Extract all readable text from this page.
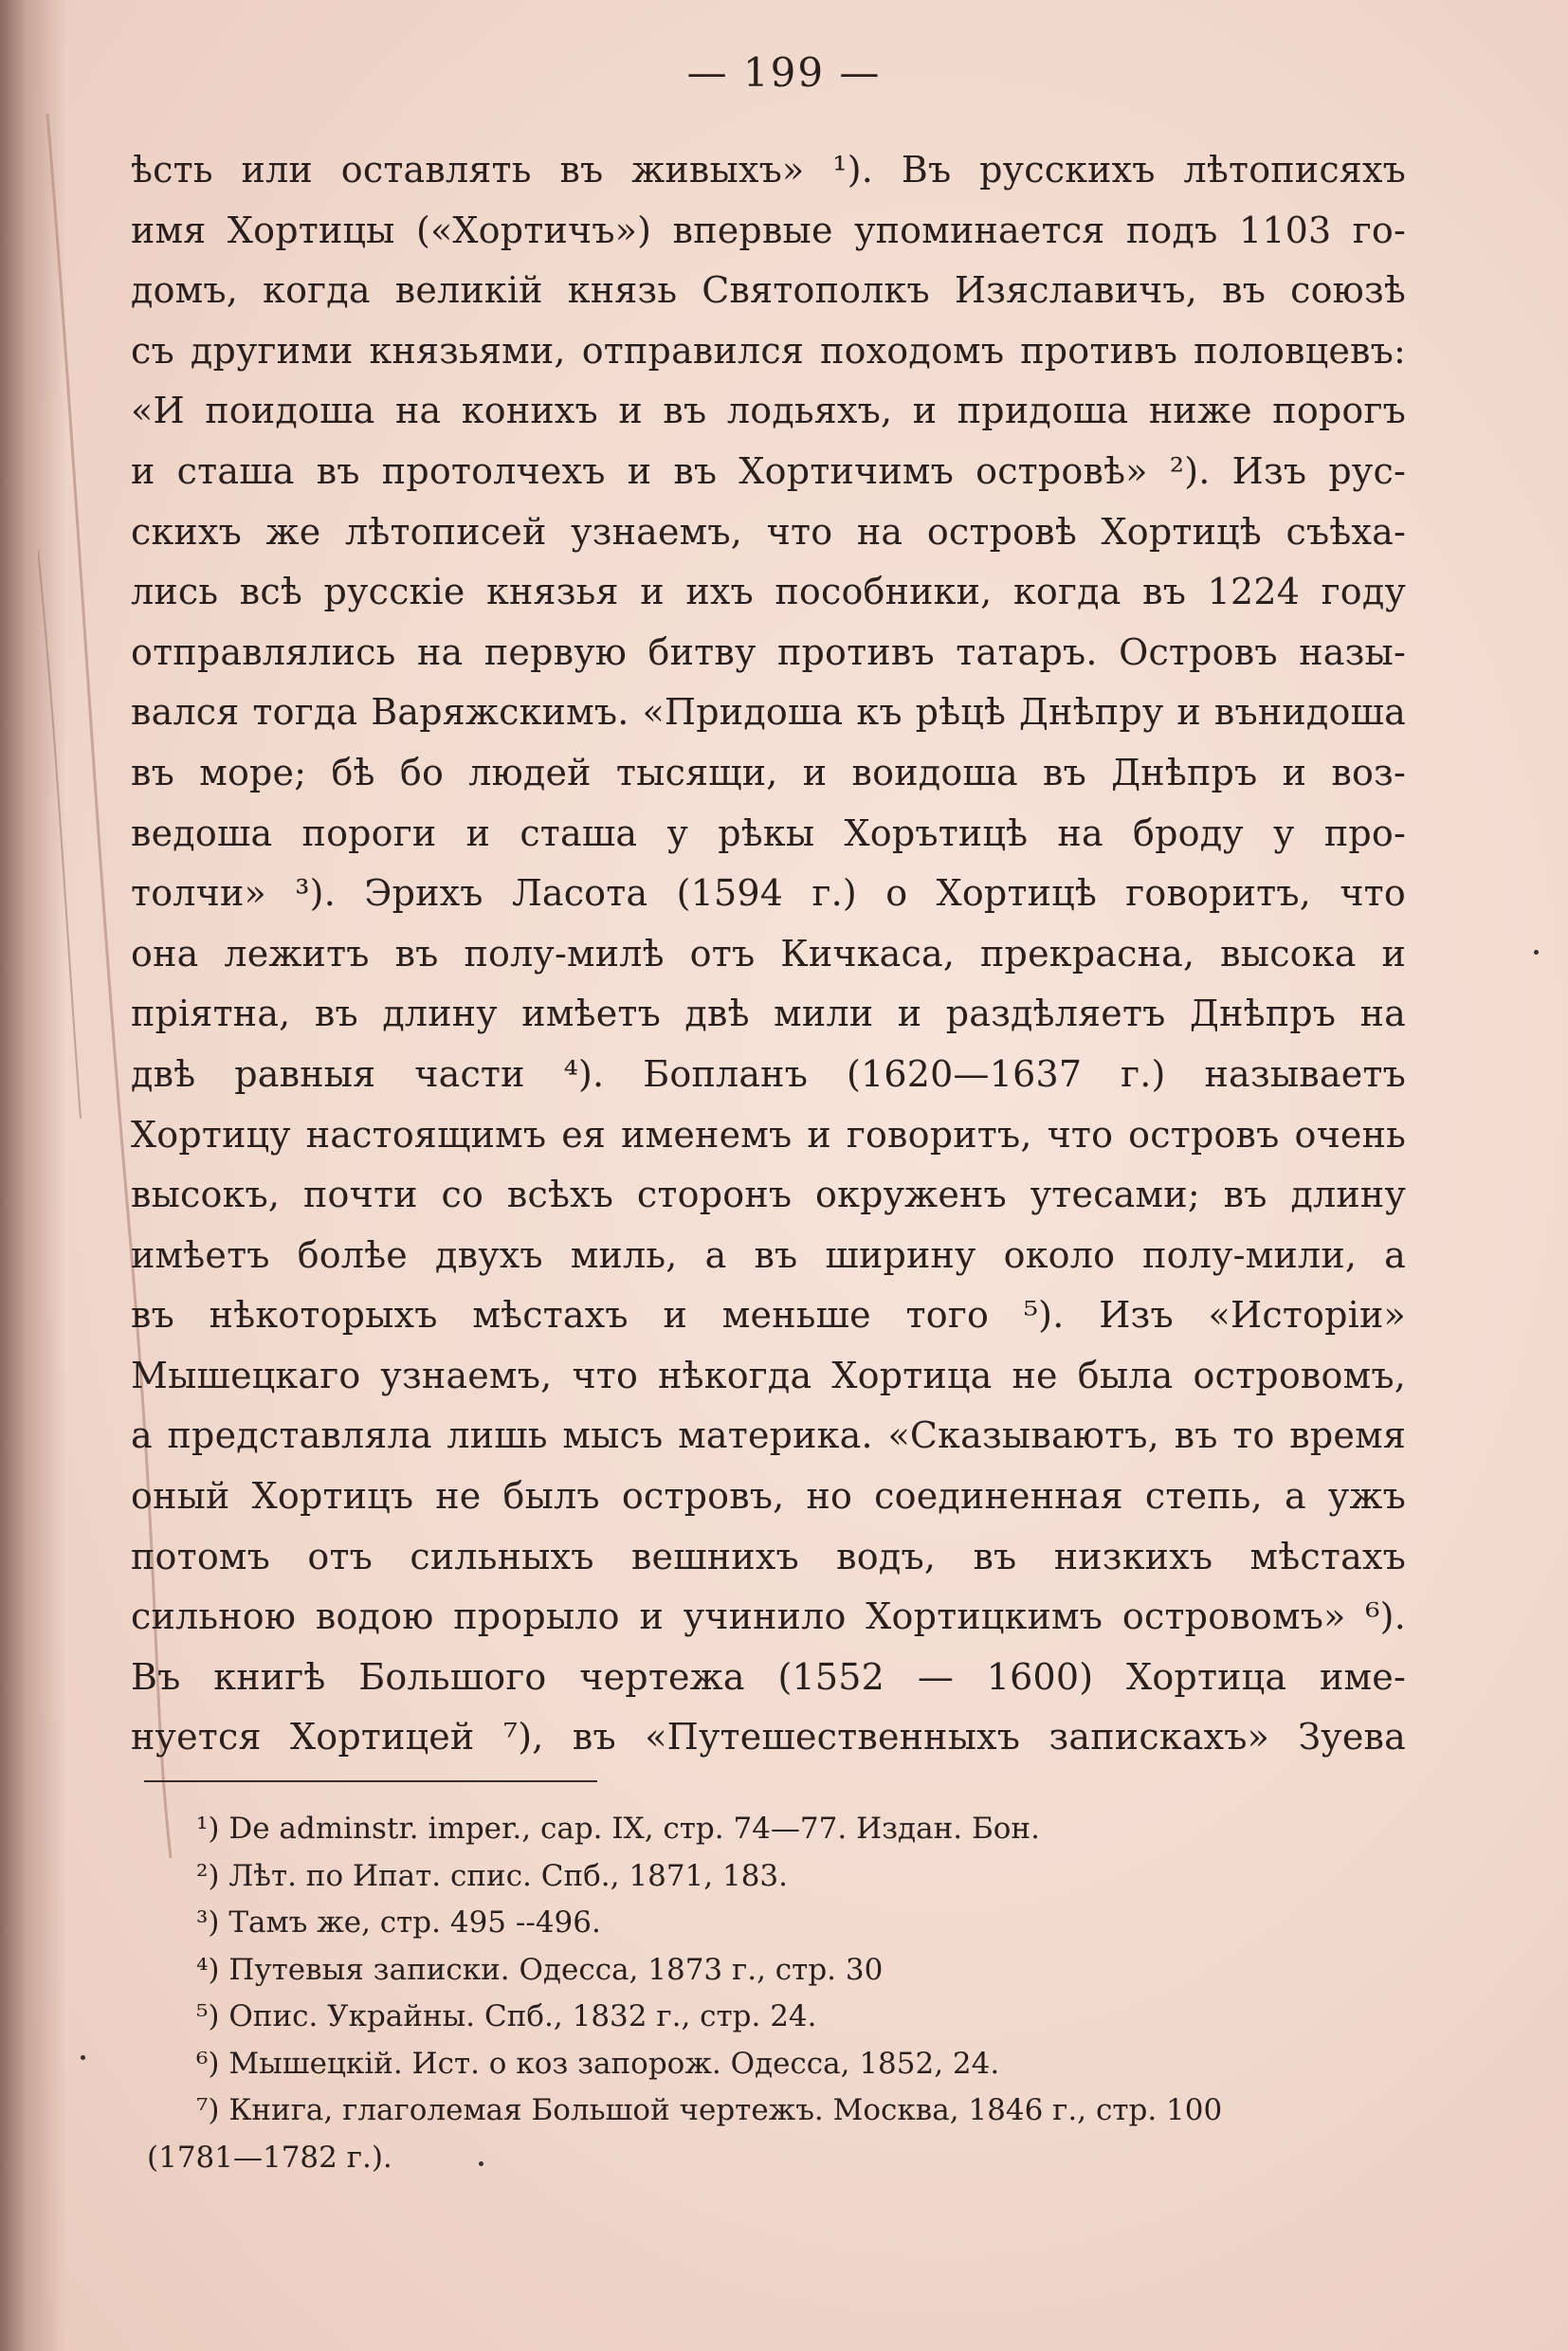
— 199 —
ѣсть или оставлять въ живыхъ» ¹). Въ русскихъ лѣтописяхъ
имя Хортицы («Хортичъ») впервые упоминается подъ 1103 го-
домъ, когда великій князь Святополкъ Изяславичъ, въ союзѣ
съ другими князьями, отправился походомъ противъ половцевъ:
«И поидоша на конихъ и въ лодьяхъ, и придоша ниже порогъ
и сташа въ протолчехъ и въ Хортичимъ островѣ» ²). Изъ рус-
скихъ же лѣтописей узнаемъ, что на островѣ Хортицѣ съѣха-
лись всѣ русскіе князья и ихъ пособники, когда въ 1224 году
отправлялись на первую битву противъ татаръ. Островъ назы-
вался тогда Варяжскимъ. «Придоша къ рѣцѣ Днѣпру и вънидоша
въ море; бѣ бо людей тысящи, и воидоша въ Днѣпръ и воз-
ведоша пороги и сташа у рѣкы Хорътицѣ на броду у про-
толчи» ³). Эрихъ Ласота (1594 г.) о Хортицѣ говоритъ, что
она лежитъ въ полу-милѣ отъ Кичкаса, прекрасна, высока и
пріятна, въ длину имѣетъ двѣ мили и раздѣляетъ Днѣпръ на
двѣ равныя части ⁴). Бопланъ (1620—1637 г.) называетъ
Хортицу настоящимъ ея именемъ и говоритъ, что островъ очень
высокъ, почти со всѣхъ сторонъ окруженъ утесами; въ длину
имѣетъ болѣе двухъ миль, а въ ширину около полу-мили, а
въ нѣкоторыхъ мѣстахъ и меньше того ⁵). Изъ «Исторіи»
Мышецкаго узнаемъ, что нѣкогда Хортица не была островомъ,
а представляла лишь мысъ материка. «Сказываютъ, въ то время
оный Хортицъ не былъ островъ, но соединенная степь, а ужъ
потомъ отъ сильныхъ вешнихъ водъ, въ низкихъ мѣстахъ
сильною водою прорыло и учинило Хортицкимъ островомъ» ⁶).
Въ книгѣ Большого чертежа (1552 — 1600) Хортица име-
нуется Хортицей ⁷), въ «Путешественныхъ запискахъ» Зуева
¹) De adminstr. imper., cap. IX, стр. 74—77. Издан. Бон.
²) Лѣт. по Ипат. спис. Спб., 1871, 183.
³) Тамъ же, стр. 495 --496.
⁴) Путевыя записки. Одесса, 1873 г., стр. 30
⁵) Опис. Украйны. Спб., 1832 г., стр. 24.
⁶) Мышецкій. Ист. о коз запорож. Одесса, 1852, 24.
⁷) Книга, глаголемая Большой чертежъ. Москва, 1846 г., стр. 100
(1781—1782 г.).
